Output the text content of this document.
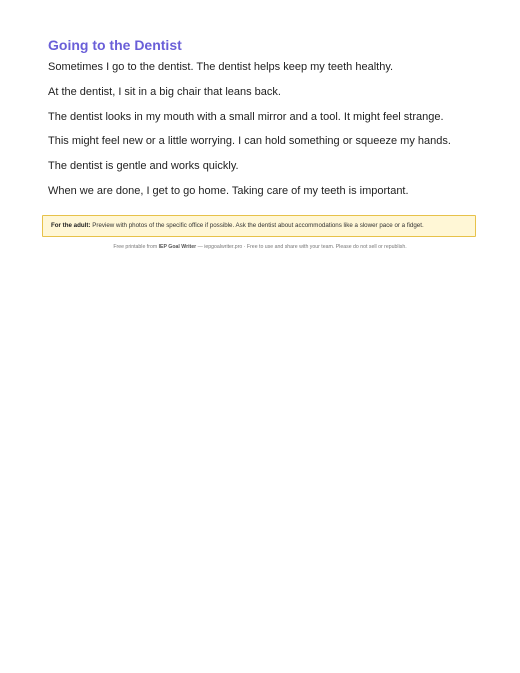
Going to the Dentist

Sometimes I go to the dentist. The dentist helps keep my teeth healthy.

At the dentist, I sit in a big chair that leans back.

The dentist looks in my mouth with a small mirror and a tool. It might feel strange.

This might feel new or a little worrying. I can hold something or squeeze my hands.

The dentist is gentle and works quickly.

When we are done, I get to go home. Taking care of my teeth is important.

For the adult: Preview with photos of the specific office if possible. Ask the dentist about accommodations like a slower pace or a fidget.
Free printable from IEP Goal Writer — iepgoalwriter.pro · Free to use and share with your team. Please do not sell or republish.
